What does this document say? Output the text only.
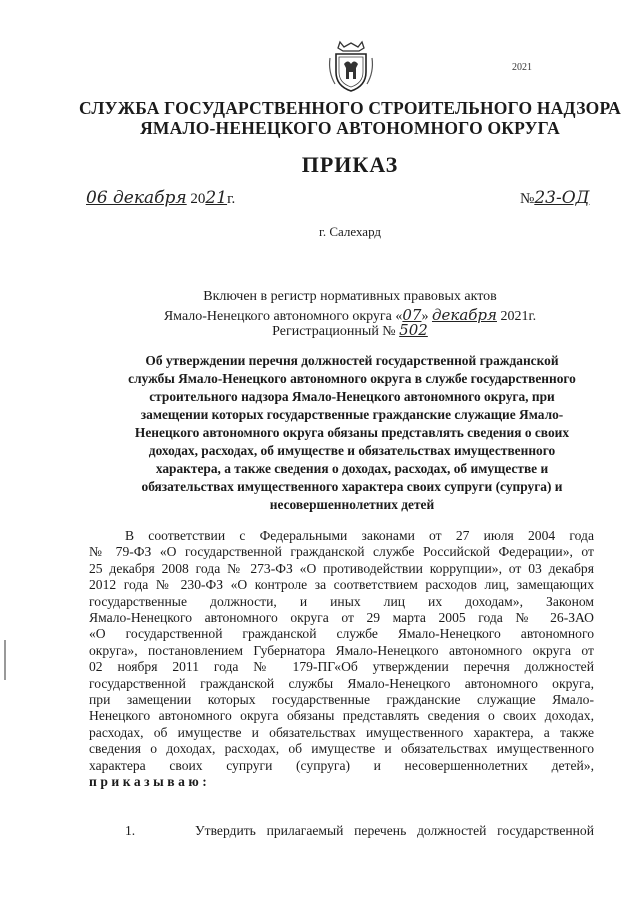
2021
СЛУЖБА ГОСУДАРСТВЕННОГО СТРОИТЕЛЬНОГО НАДЗОРА
ЯМАЛО-НЕНЕЦКОГО АВТОНОМНОГО ОКРУГА
ПРИКАЗ
06 декабря 2021г.	№23-ОД
г. Салехард
Включен в регистр нормативных правовых актов
Ямало-Ненецкого автономного округа «07» декабря 2021г.
Регистрационный № 502
Об утверждении перечня должностей государственной гражданской
службы Ямало-Ненецкого автономного округа в службе государственного
строительного надзора Ямало-Ненецкого автономного округа, при
замещении которых государственные гражданские служащие Ямало-
Ненецкого автономного округа обязаны представлять сведения о своих
доходах, расходах, об имуществе и обязательствах имущественного
характера, а также сведения о доходах, расходах, об имуществе и
обязательствах имущественного характера своих супруги (супруга) и
несовершеннолетних детей
В соответствии с Федеральными законами от 27 июля 2004 года
№ 79-ФЗ «О государственной гражданской службе Российской Федерации», от
25 декабря 2008 года № 273-ФЗ «О противодействии коррупции», от 03 декабря
2012 года № 230-ФЗ «О контроле за соответствием расходов лиц, замещающих
государственные должности, и иных лиц их доходам», Законом
Ямало-Ненецкого автономного округа от 29 марта 2005 года № 26-ЗАО
«О государственной гражданской службе Ямало-Ненецкого автономного
округа», постановлением Губернатора Ямало-Ненецкого автономного округа от
02 ноября 2011 года № 179-ПГ«Об утверждении перечня должностей
государственной гражданской службы Ямало-Ненецкого автономного округа,
при замещении которых государственные гражданские служащие Ямало-
Ненецкого автономного округа обязаны представлять сведения о своих доходах,
расходах, об имуществе и обязательствах имущественного характера, а также
сведения о доходах, расходах, об имуществе и обязательствах имущественного
характера своих супруги (супруга) и несовершеннолетних детей»,
приказываю:
1.	Утвердить прилагаемый перечень должностей государственной
